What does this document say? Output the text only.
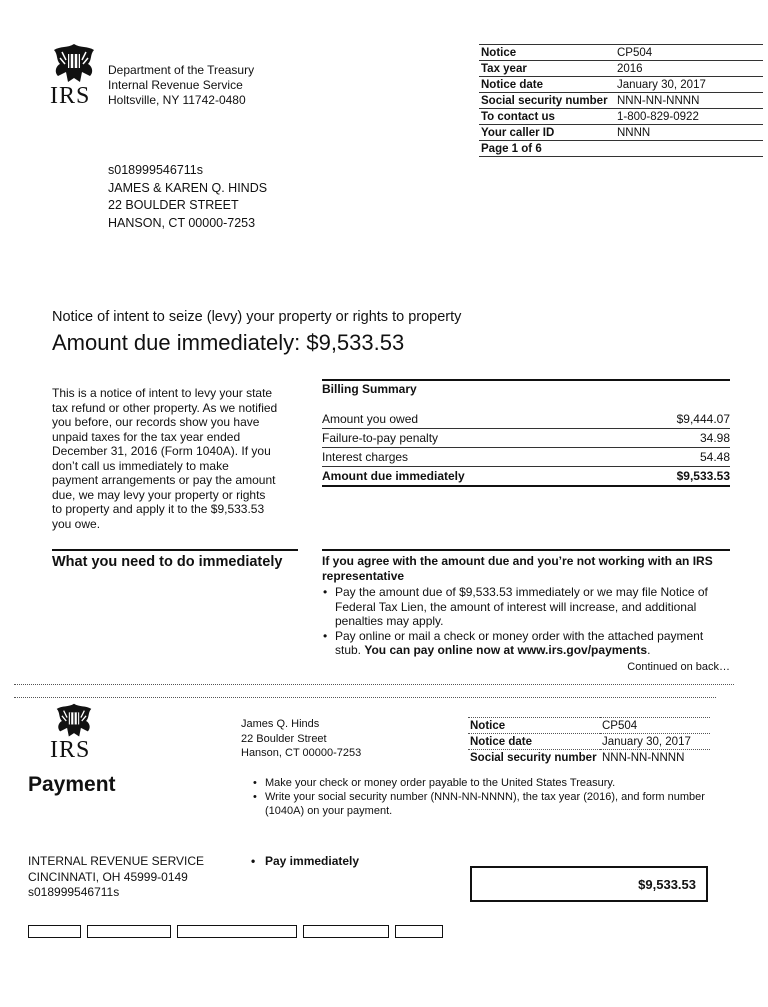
IRS
Department of the Treasury
Internal Revenue Service
Holtsville, NY 11742-0480
Notice	CP504
Tax year	2016
Notice date	January 30, 2017
Social security number	NNN-NN-NNNN
To contact us	1-800-829-0922
Your caller ID	NNNN
Page 1 of 6	
s018999546711s
JAMES & KAREN Q. HINDS
22 BOULDER STREET
HANSON, CT 00000-7253
Notice of intent to seize (levy) your property or rights to property
Amount due immediately: $9,533.53
This is a notice of intent to levy your state tax refund or other property. As we notified you before, our records show you have unpaid taxes for the tax year ended December 31, 2016 (Form 1040A). If you don’t call us immediately to make payment arrangements or pay the amount due, we may levy your property or rights to property and apply it to the $9,533.53 you owe.
Billing Summary
Amount you owed	$9,444.07
Failure-to-pay penalty	34.98
Interest charges	54.48
Amount due immediately	$9,533.53
What you need to do immediately	If you agree with the amount due and you’re not working with an IRS representative
• Pay the amount due of $9,533.53 immediately or we may file Notice of Federal Tax Lien, the amount of interest will increase, and additional penalties may apply.
• Pay online or mail a check or money order with the attached payment stub. You can pay online now at www.irs.gov/payments.
Continued on back…
IRS
James Q. Hinds
22 Boulder Street
Hanson, CT 00000-7253
Notice	CP504
Notice date	January 30, 2017
Social security number	NNN-NN-NNNN
Payment	• Make your check or money order payable to the United States Treasury.
• Write your social security number (NNN-NN-NNNN), the tax year (2016), and form number (1040A) on your payment.
INTERNAL REVENUE SERVICE
CINCINNATI, OH 45999-0149
s018999546711s
• Pay immediately
$9,533.53
